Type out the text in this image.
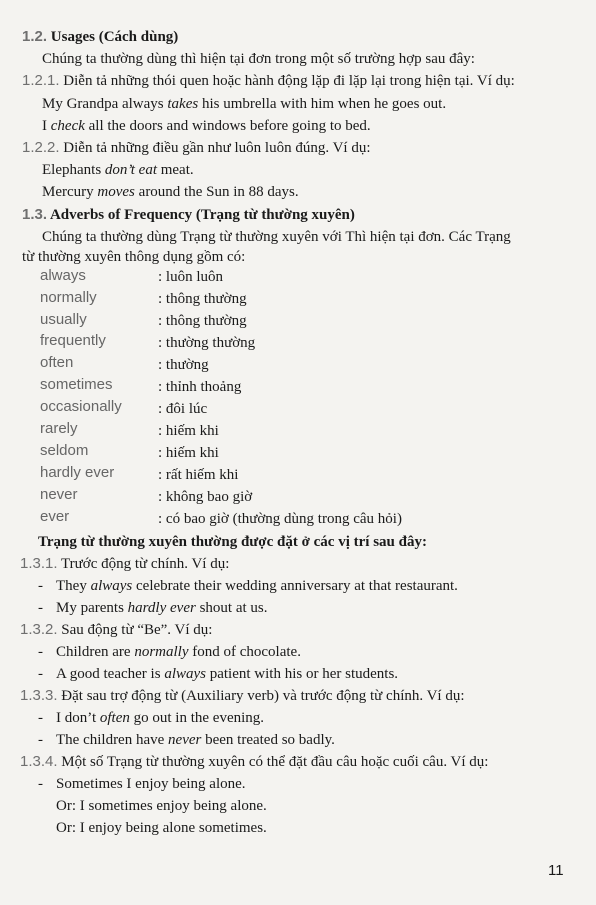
1.2. Usages (Cách dùng)
Chúng ta thường dùng thì hiện tại đơn trong một số trường hợp sau đây:
1.2.1. Diễn tả những thói quen hoặc hành động lặp đi lặp lại trong hiện tại. Ví dụ:
My Grandpa always takes his umbrella with him when he goes out.
I check all the doors and windows before going to bed.
1.2.2. Diễn tả những điều gần như luôn luôn đúng. Ví dụ:
Elephants don’t eat meat.
Mercury moves around the Sun in 88 days.
1.3. Adverbs of Frequency (Trạng từ thường xuyên)
Chúng ta thường dùng Trạng từ thường xuyên với Thì hiện tại đơn. Các Trạng
từ thường xuyên thông dụng gồm có:
always	: luôn luôn
normally	: thông thường
usually	: thông thường
frequently	: thường thường
often	: thường
sometimes	: thỉnh thoảng
occasionally : đôi lúc
rarely	: hiếm khi
seldom	: hiếm khi
hardly ever	: rất hiếm khi
never	: không bao giờ
ever	: có bao giờ (thường dùng trong câu hỏi)
Trạng từ thường xuyên thường được đặt ở các vị trí sau đây:
1.3.1. Trước động từ chính. Ví dụ:
- They always celebrate their wedding anniversary at that restaurant.
- My parents hardly ever shout at us.
1.3.2. Sau động từ “Be”. Ví dụ:
- Children are normally fond of chocolate.
- A good teacher is always patient with his or her students.
1.3.3. Đặt sau trợ động từ (Auxiliary verb) và trước động từ chính. Ví dụ:
- I don’t often go out in the evening.
- The children have never been treated so badly.
1.3.4. Một số Trạng từ thường xuyên có thể đặt đầu câu hoặc cuối câu. Ví dụ:
- Sometimes I enjoy being alone.
Or: I sometimes enjoy being alone.
Or: I enjoy being alone sometimes.
11
